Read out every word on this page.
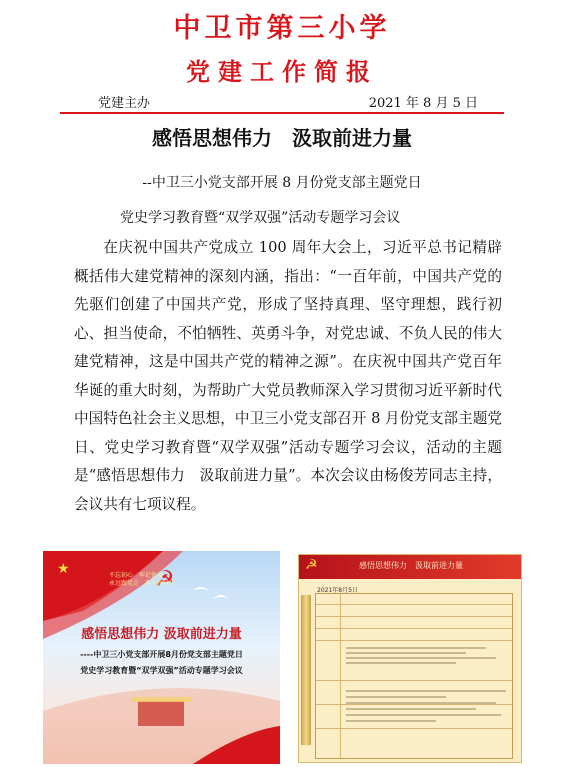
中卫市第三小学
党建工作简报
党建主办	2021 年 8 月 5 日
感悟思想伟力　汲取前进力量
--中卫三小党支部开展 8 月份党支部主题党日
党史学习教育暨“双学双强”活动专题学习会议

在庆祝中国共产党成立 100 周年大会上，习近平总书记精辟概括伟大建党精神的深刻内涵，指出：“一百年前，中国共产党的先驱们创建了中国共产党，形成了坚持真理、坚守理想，践行初心、担当使命，不怕牺牲、英勇斗争，对党忠诚、不负人民的伟大建党精神，这是中国共产党的精神之源”。在庆祝中国共产党百年华诞的重大时刻，为帮助广大党员教师深入学习贯彻习近平新时代中国特色社会主义思想，中卫三小党支部召开 8 月份党支部主题党日、党史学习教育暨“双学双强”活动专题学习会议，活动的主题是“感悟思想伟力　汲取前进力量”。本次会议由杨俊芳同志主持，会议共有七项议程。

★	☭
不忘初心　牢记使命
永远跟党走　奋斗新时代
感悟思想伟力 汲取前进力量
----中卫三小党支部开展8月份党支部主题党日
党史学习教育暨“双学双强”活动专题学习会议
☭	感悟思想伟力　汲取前进力量
2021年8月5日
